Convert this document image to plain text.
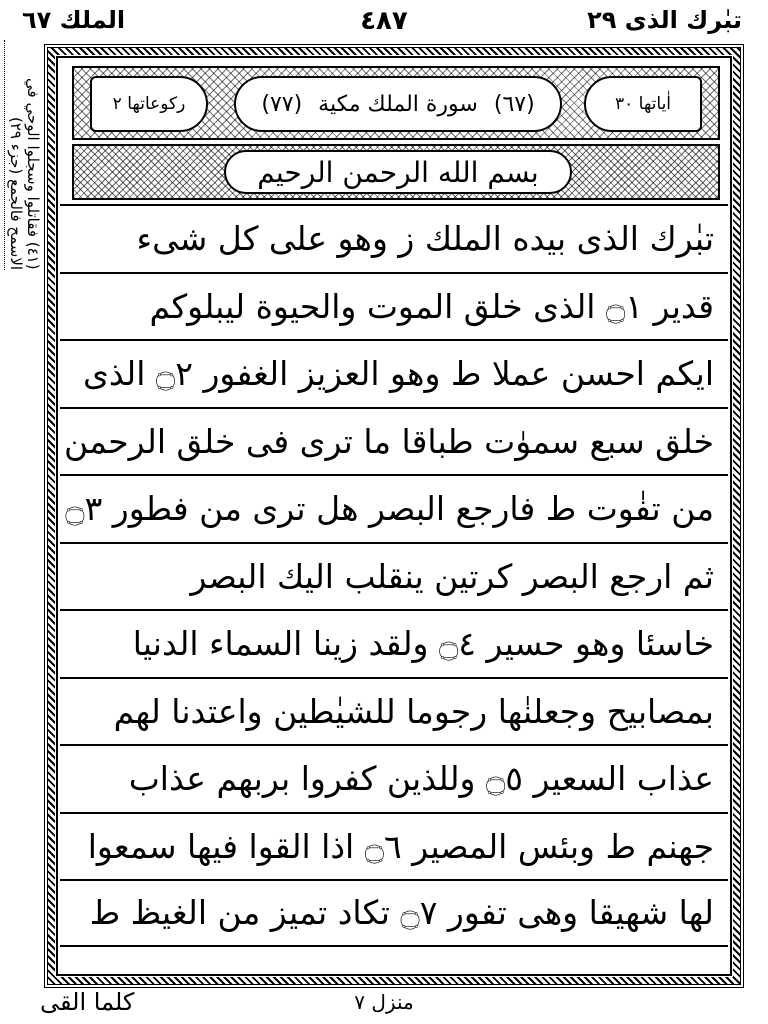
الملك ٦٧	٤٨٧	تبٰرك الذى ٢٩
(٤١) فقاتلوا وسجلوا الوحي في الاسمح فالجمع (جزء ٢٩)
اٰياتها ٣٠
(٦٧)
سورة الملك مكية
(٧٧)
ركوعاتها ٢
بسم الله الرحمن الرحيم
تبٰرك الذى بيده الملك ز وهو على كل شىء
قدير ۝١ الذى خلق الموت والحيوة ليبلوكم
ايكم احسن عملا ط وهو العزيز الغفور ۝٢ الذى
خلق سبع سموٰت طباقا ما ترى فى خلق الرحمن
من تفٰوت ط فارجع البصر هل ترى من فطور ۝٣
ثم ارجع البصر كرتين ينقلب اليك البصر
خاسئا وهو حسير ۝٤ ولقد زينا السماء الدنيا
بمصابيح وجعلنٰها رجوما للشيٰطين واعتدنا لهم
عذاب السعير ۝٥ وللذين كفروا بربهم عذاب
جهنم ط وبئس المصير ۝٦ اذا القوا فيها سمعوا
لها شهيقا وهى تفور ۝٧ تكاد تميز من الغيظ ط
كلما القى	منزل ٧
